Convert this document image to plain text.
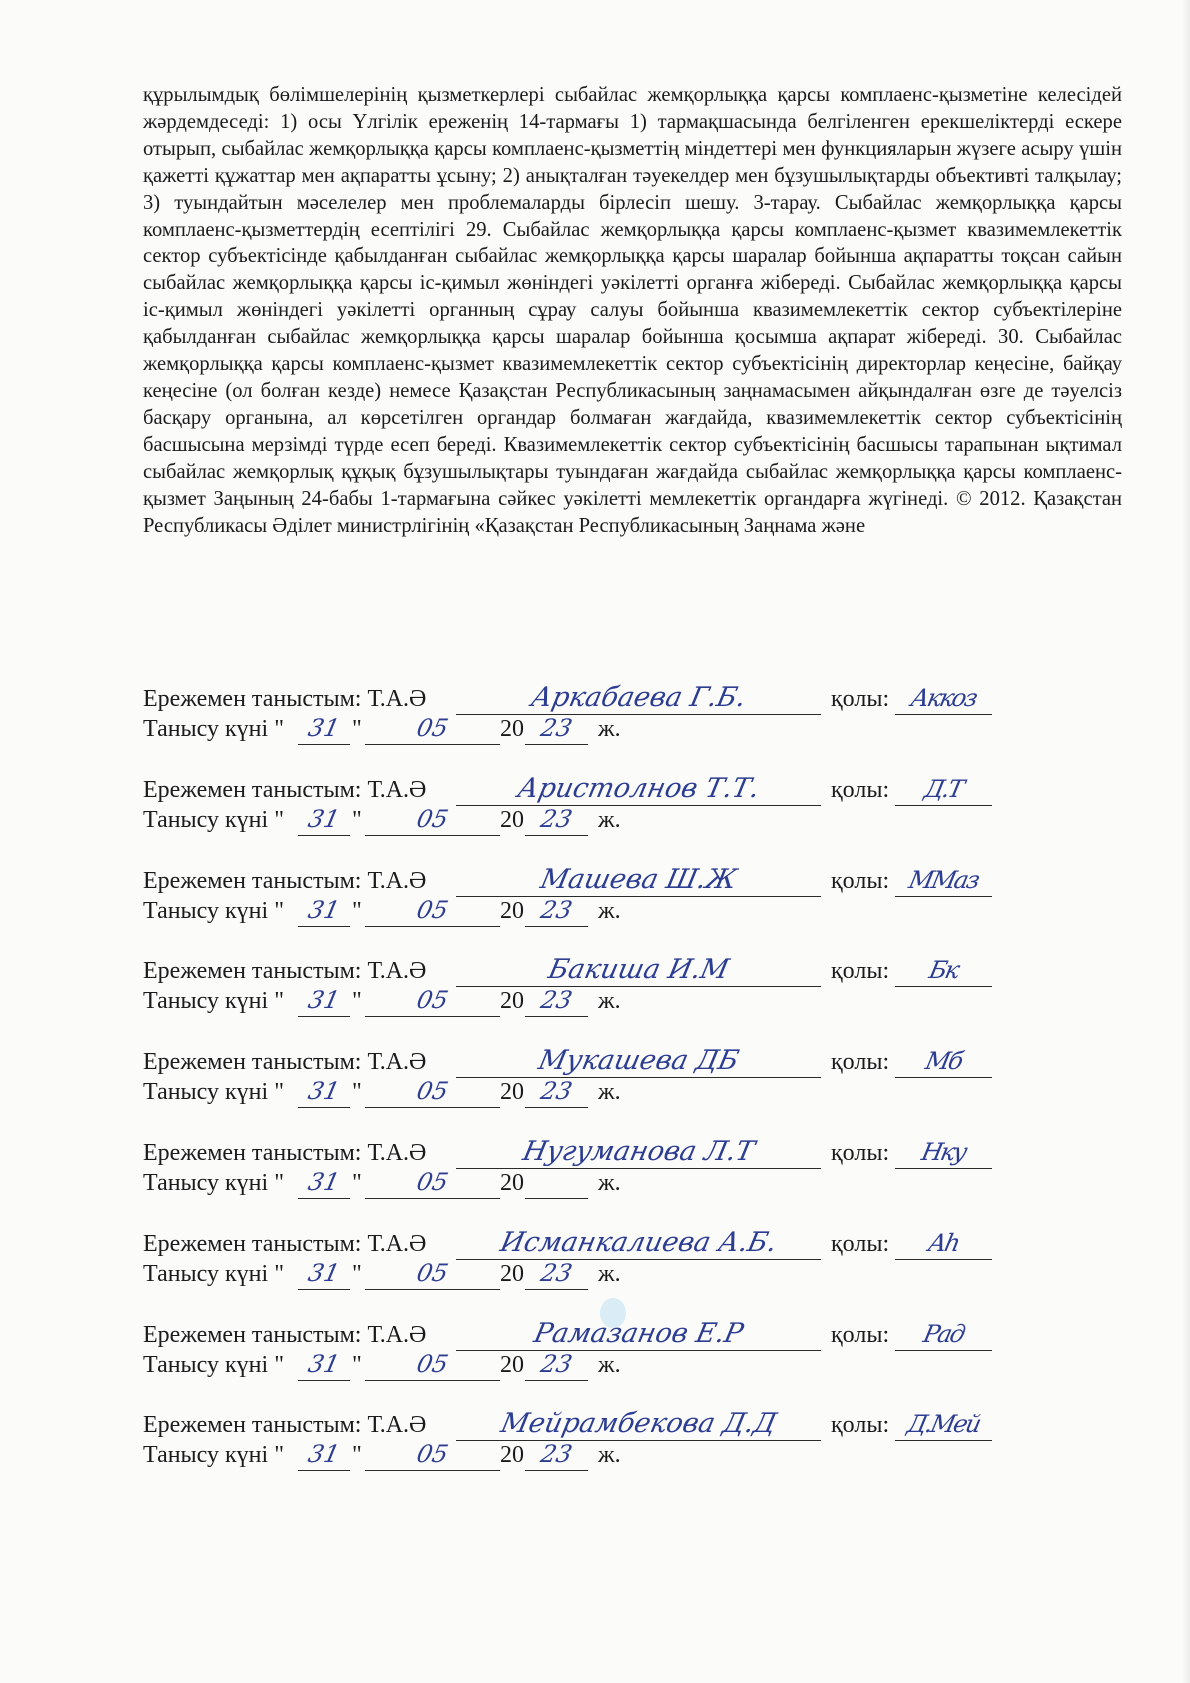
құрылымдық бөлімшелерінің қызметкерлері сыбайлас жемқорлыққа қарсы комплаенс-қызметіне келесідей жәрдемдеседі: 1) осы Үлгілік ереженің 14-тармағы 1) тармақшасында белгіленген ерекшеліктерді ескере отырып, сыбайлас жемқорлыққа қарсы комплаенс-қызметтің міндеттері мен функцияларын жүзеге асыру үшін қажетті құжаттар мен ақпаратты ұсыну; 2) анықталған тәуекелдер мен бұзушылықтарды объективті талқылау; 3) туындайтын мәселелер мен проблемаларды бірлесіп шешу. 3-тарау. Сыбайлас жемқорлыққа қарсы комплаенс-қызметтердің есептілігі 29. Сыбайлас жемқорлыққа қарсы комплаенс-қызмет квазимемлекеттік сектор субъектісінде қабылданған сыбайлас жемқорлыққа қарсы шаралар бойынша ақпаратты тоқсан сайын сыбайлас жемқорлыққа қарсы іс-қимыл жөніндегі уәкілетті органға жібереді. Сыбайлас жемқорлыққа қарсы іс-қимыл жөніндегі уәкілетті органның сұрау салуы бойынша квазимемлекеттік сектор субъектілеріне қабылданған сыбайлас жемқорлыққа қарсы шаралар бойынша қосымша ақпарат жібереді. 30. Сыбайлас жемқорлыққа қарсы комплаенс-қызмет квазимемлекеттік сектор субъектісінің директорлар кеңесіне, байқау кеңесіне (ол болған кезде) немесе Қазақстан Республикасының заңнамасымен айқындалған өзге де тәуелсіз басқару органына, ал көрсетілген органдар болмаған жағдайда, квазимемлекеттік сектор субъектісінің басшысына мерзімді түрде есеп береді. Квазимемлекеттік сектор субъектісінің басшысы тарапынан ықтимал сыбайлас жемқорлық құқық бұзушылықтары туындаған жағдайда сыбайлас жемқорлыққа қарсы комплаенс-қызмет Заңының 24-бабы 1-тармағына сәйкес уәкілетті мемлекеттік органдарға жүгінеді. © 2012. Қазақстан Республикасы Әділет министрлігінің «Қазақстан Республикасының Заңнама және

Ережемен таныстым: Т.А.Ә	Аркабаева Г.Б.	қолы: Аккоз
Танысу күні " 31 "	05	20 23 ж.
Ережемен таныстым: Т.А.Ә	Аристолнов Т.Т.	қолы:	Д.Т
Танысу күні " 31 "	05	20 23 ж.
Ережемен таныстым: Т.А.Ә	Машева Ш.Ж	қолы: ММаз
Танысу күні " 31 "	05	20 23 ж.
Ережемен таныстым: Т.А.Ә	Бакиша И.М	қолы:	Бк
Танысу күні " 31 "	05	20 23 ж.
Ережемен таныстым: Т.А.Ә	Мукашева ДБ	қолы:	Мб
Танысу күні " 31 "	05	20 23 ж.
Ережемен таныстым: Т.А.Ә	Нугуманова Л.Т	қолы:	Нку
Танысу күні " 31 "	05	20	ж.
Ережемен таныстым: Т.А.Ә	Исманкалиева А.Б.	қолы:	Аh
Танысу күні " 31 "	05	20 23 ж.
Ережемен таныстым: Т.А.Ә	Рамазанов Е.Р	қолы:	Рад
Танысу күні " 31 "	05	20 23 ж.
Ережемен таныстым: Т.А.Ә	Мейрамбекова Д.Д	қолы: Д.Мей
Танысу күні " 31 "	05	20 23 ж.
